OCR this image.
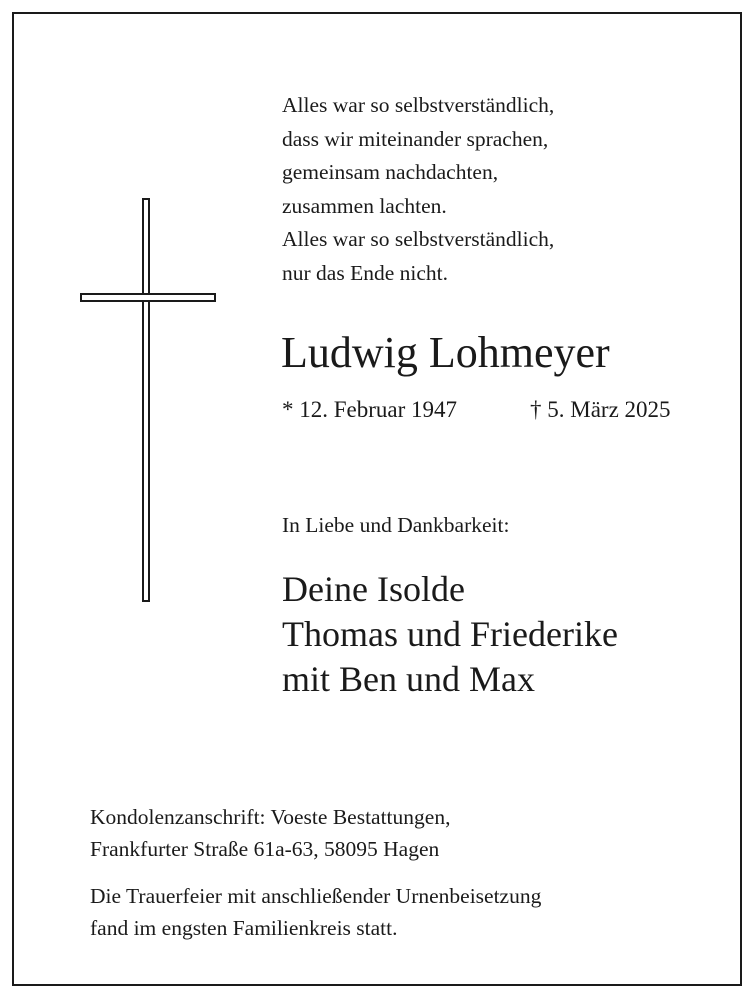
Alles war so selbstverständlich,
dass wir miteinander sprachen,
gemeinsam nachdachten,
zusammen lachten.
Alles war so selbstverständlich,
nur das Ende nicht.
Ludwig Lohmeyer
* 12. Februar 1947	† 5. März 2025
In Liebe und Dankbarkeit:
Deine Isolde
Thomas und Friederike
mit Ben und Max
Kondolenzanschrift: Voeste Bestattungen,
Frankfurter Straße 61a-63, 58095 Hagen
Die Trauerfeier mit anschließender Urnenbeisetzung
fand im engsten Familienkreis statt.
